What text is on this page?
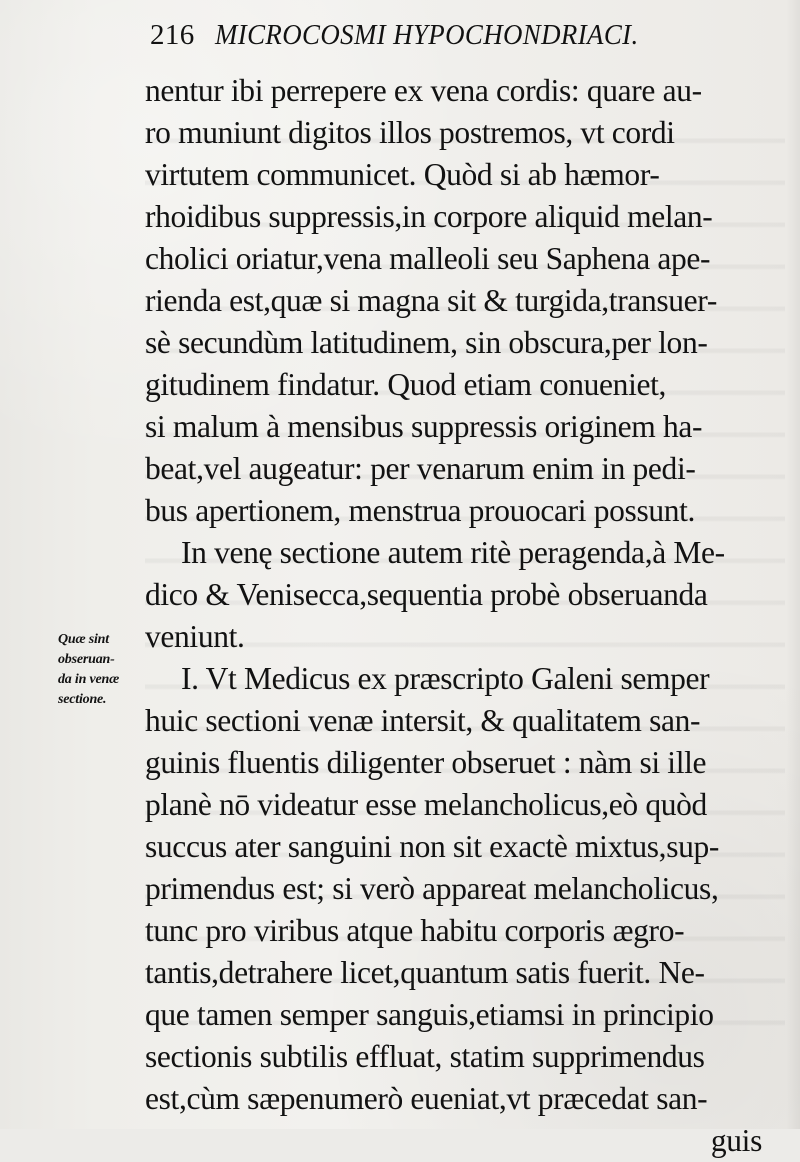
216 MICROCOSMI HYPOCHONDRIACI.
Quæ sint
obseruan-
da in venæ
sectione.
nentur ibi perrepere ex vena cordis: quare au-
ro muniunt digitos illos postremos, vt cordi
virtutem communicet. Quòd si ab hæmor-
rhoidibus suppressis,in corpore aliquid melan-
cholici oriatur,vena malleoli seu Saphena ape-
rienda est,quæ si magna sit & turgida,transuer-
sè secundùm latitudinem, sin obscura,per lon-
gitudinem findatur. Quod etiam conueniet,
si malum à mensibus suppressis originem ha-
beat,vel augeatur: per venarum enim in pedi-
bus apertionem, menstrua prouocari possunt.
In venę sectione autem ritè peragenda,à Me-
dico & Venisecca,sequentia probè obseruanda
veniunt.
I. Vt Medicus ex præscripto Galeni semper
huic sectioni venæ intersit, & qualitatem san-
guinis fluentis diligenter obseruet : nàm si ille
planè nō videatur esse melancholicus,eò quòd
succus ater sanguini non sit exactè mixtus,sup-
primendus est; si verò appareat melancholicus,
tunc pro viribus atque habitu corporis ægro-
tantis,detrahere licet,quantum satis fuerit. Ne-
que tamen semper sanguis,etiamsi in principio
sectionis subtilis effluat, statim supprimendus
est,cùm sæpenumerò eueniat,vt præcedat san-
guis
